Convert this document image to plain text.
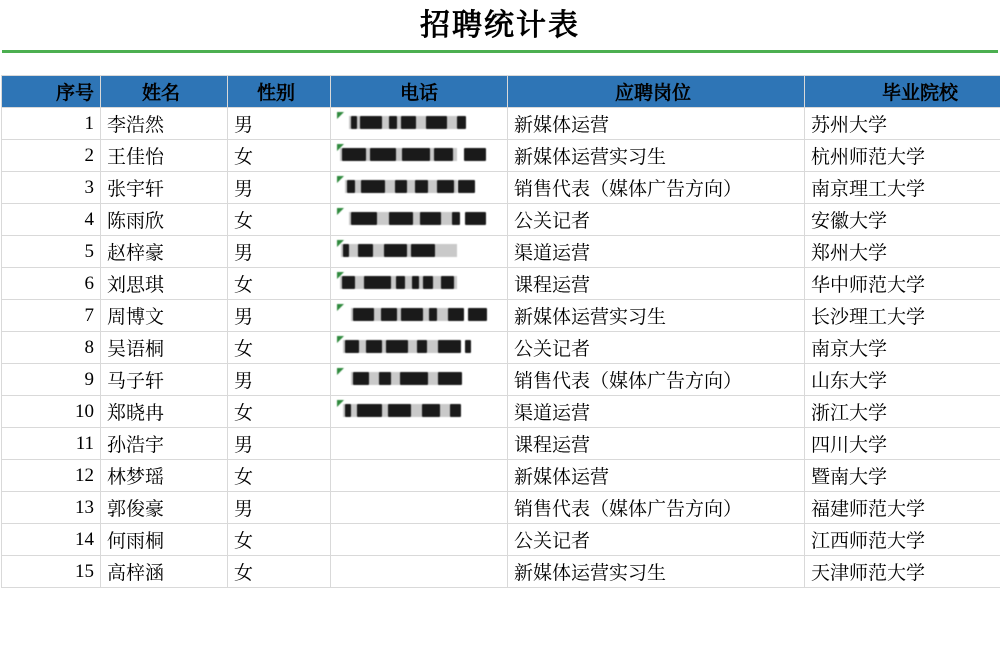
招聘统计表
序号	姓名	性别	电话	应聘岗位	毕业院校
1	李浩然	男		新媒体运营	苏州大学
2	王佳怡	女		新媒体运营实习生	杭州师范大学
3	张宇轩	男		销售代表（媒体广告方向）	南京理工大学
4	陈雨欣	女		公关记者	安徽大学
5	赵梓豪	男		渠道运营	郑州大学
6	刘思琪	女		课程运营	华中师范大学
7	周博文	男		新媒体运营实习生	长沙理工大学
8	吴语桐	女		公关记者	南京大学
9	马子轩	男		销售代表（媒体广告方向）	山东大学
10	郑晓冉	女		渠道运营	浙江大学
11	孙浩宇	男		课程运营	四川大学
12	林梦瑶	女		新媒体运营	暨南大学
13	郭俊豪	男		销售代表（媒体广告方向）	福建师范大学
14	何雨桐	女		公关记者	江西师范大学
15	高梓涵	女		新媒体运营实习生	天津师范大学
